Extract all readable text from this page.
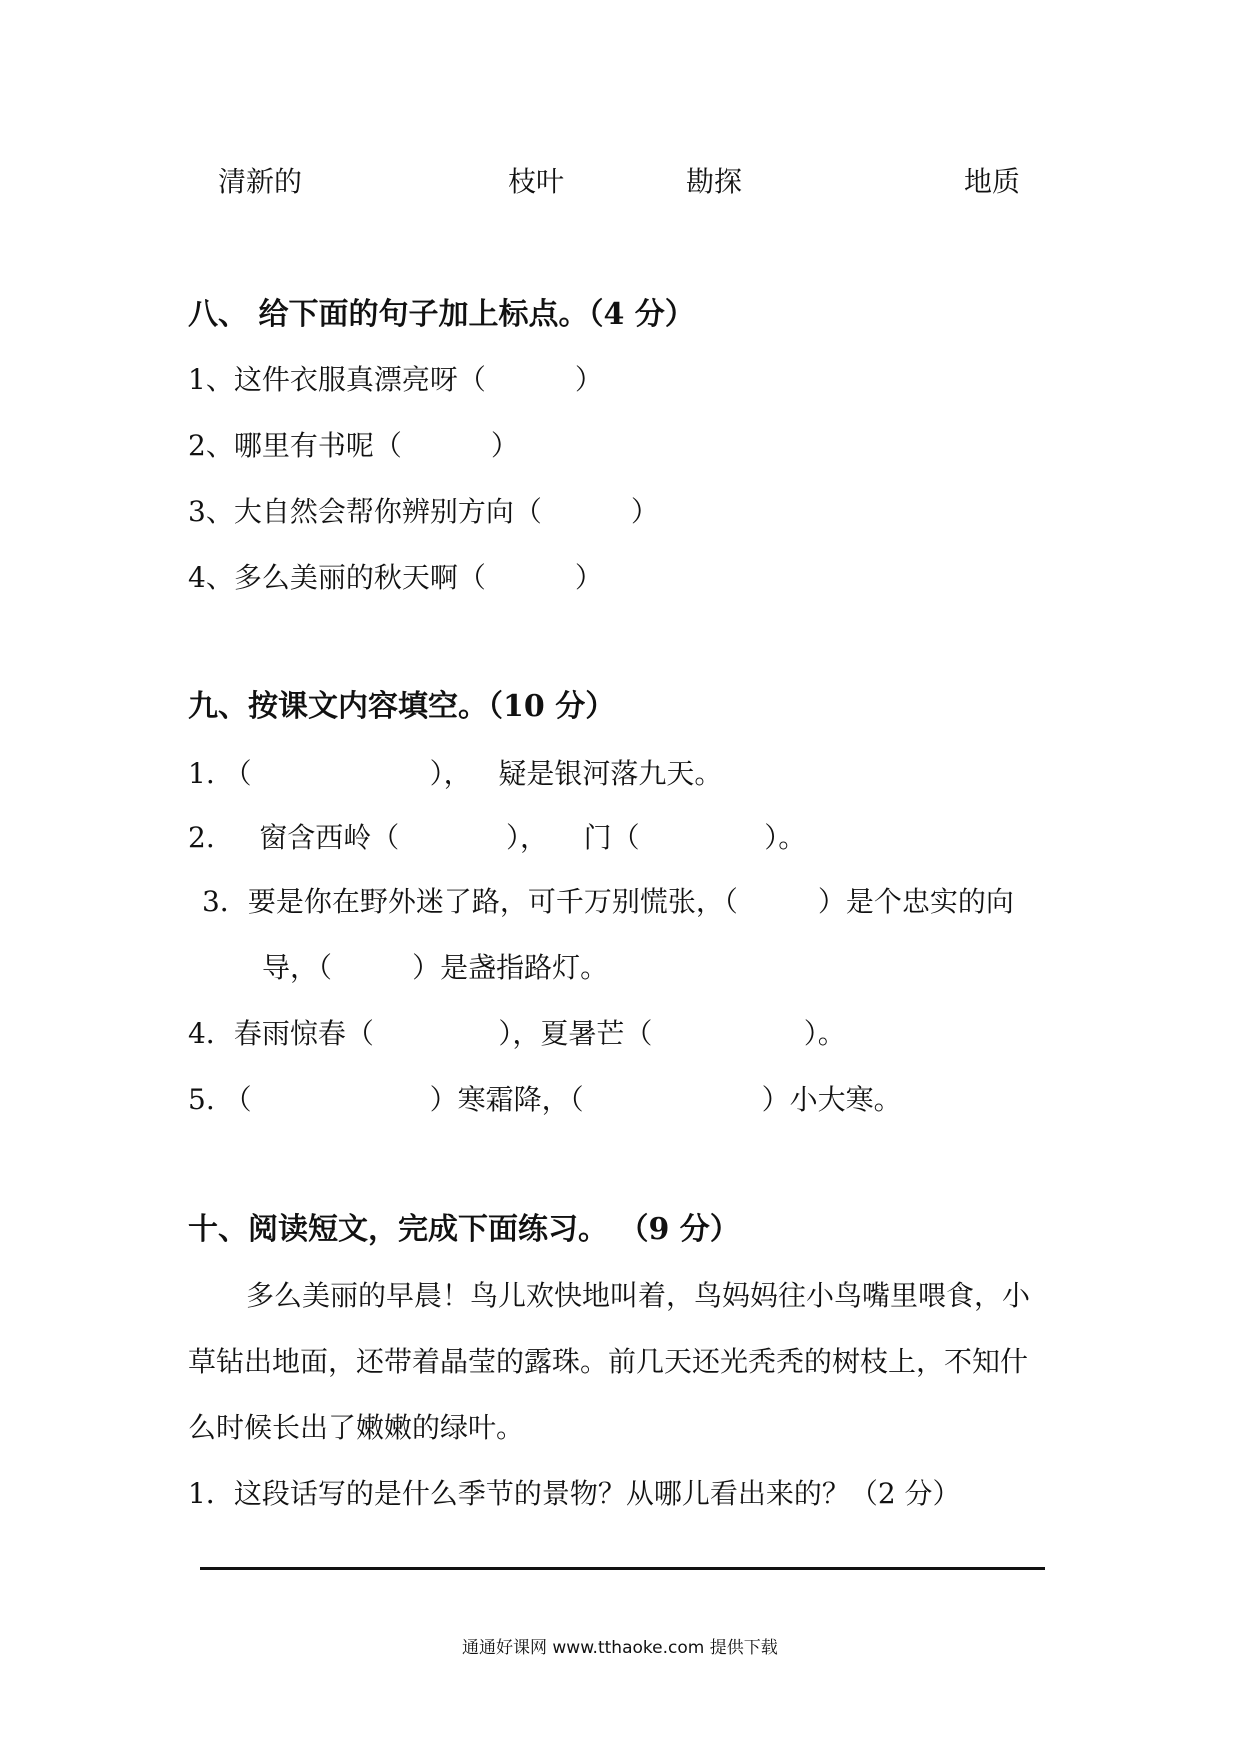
清新的	枝叶	勘探	地质
八、 给下面的句子加上标点。（4 分）
1、这件衣服真漂亮呀（          ）
2、哪里有书呢（          ）
3、大自然会帮你辨别方向（          ）
4、多么美丽的秋天啊（          ）
九、按课文内容填空。（10 分）
1. （                    ），   疑是银河落九天。
2.     窗含西岭（            ），    门（              ）。
3．要是你在野外迷了路，可千万别慌张，（         ）是个忠实的向
导，（         ）是盏指路灯。
4．春雨惊春（              ），夏暑芒（                 ）。
5. （                    ）寒霜降，（                    ）小大寒。
十、阅读短文，完成下面练习。 （9 分）
多么美丽的早晨！鸟儿欢快地叫着，鸟妈妈往小鸟嘴里喂食，小
草钻出地面，还带着晶莹的露珠。前几天还光秃秃的树枝上，不知什
么时候长出了嫩嫩的绿叶。
1．这段话写的是什么季节的景物？从哪儿看出来的？（2 分）
通通好课网 www.tthaoke.com 提供下载
